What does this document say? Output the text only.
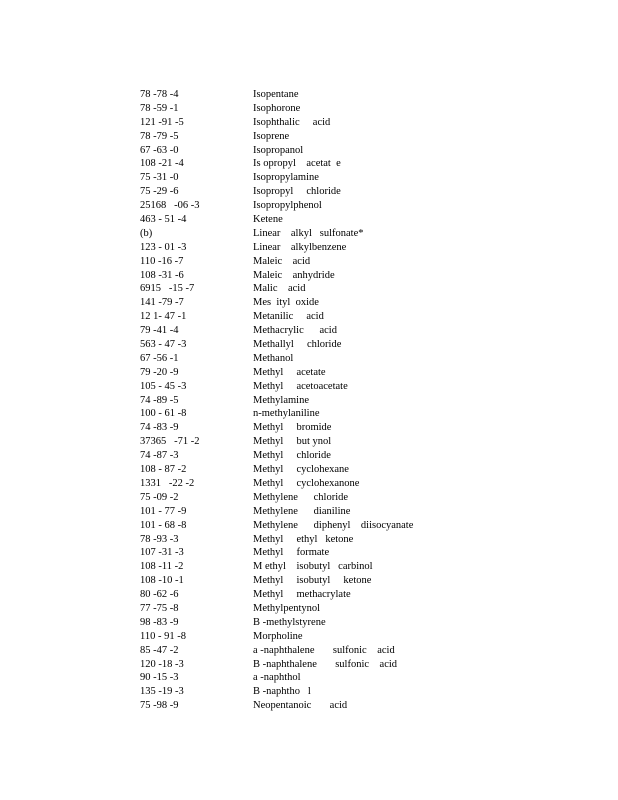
78 -78 -4	Isopentane
78 -59 -1	Isophorone
121 -91 -5	Isophthalic     acid
78 -79 -5	Isoprene
67 -63 -0	Isopropanol
108 -21 -4	Is opropyl    acetat  e
75 -31 -0	Isopropylamine
75 -29 -6	Isopropyl     chloride
25168   -06 -3	Isopropylphenol
463 - 51 -4	Ketene
(b)	Linear    alkyl   sulfonate*
123 - 01 -3	Linear    alkylbenzene
110 -16 -7	Maleic    acid
108 -31 -6	Maleic    anhydride
6915   -15 -7	Malic    acid
141 -79 -7	Mes  ityl  oxide
12 1- 47 -1	Metanilic     acid
79 -41 -4	Methacrylic      acid
563 - 47 -3	Methallyl     chloride
67 -56 -1	Methanol
79 -20 -9	Methyl     acetate
105 - 45 -3	Methyl     acetoacetate
74 -89 -5	Methylamine
100 - 61 -8	n-methylaniline
74 -83 -9	Methyl     bromide
37365   -71 -2	Methyl     but ynol
74 -87 -3	Methyl     chloride
108 - 87 -2	Methyl     cyclohexane
1331   -22 -2	Methyl     cyclohexanone
75 -09 -2	Methylene      chloride
101 - 77 -9	Methylene      dianiline
101 - 68 -8	Methylene      diphenyl    diisocyanate
78 -93 -3	Methyl     ethyl   ketone
107 -31 -3	Methyl     formate
108 -11 -2	M ethyl    isobutyl   carbinol
108 -10 -1	Methyl     isobutyl     ketone
80 -62 -6	Methyl     methacrylate
77 -75 -8	Methylpentynol
98 -83 -9	B -methylstyrene
110 - 91 -8	Morpholine
85 -47 -2	a -naphthalene       sulfonic    acid
120 -18 -3	B -naphthalene       sulfonic    acid
90 -15 -3	a -naphthol
135 -19 -3	B -naphtho   l
75 -98 -9	Neopentanoic       acid
